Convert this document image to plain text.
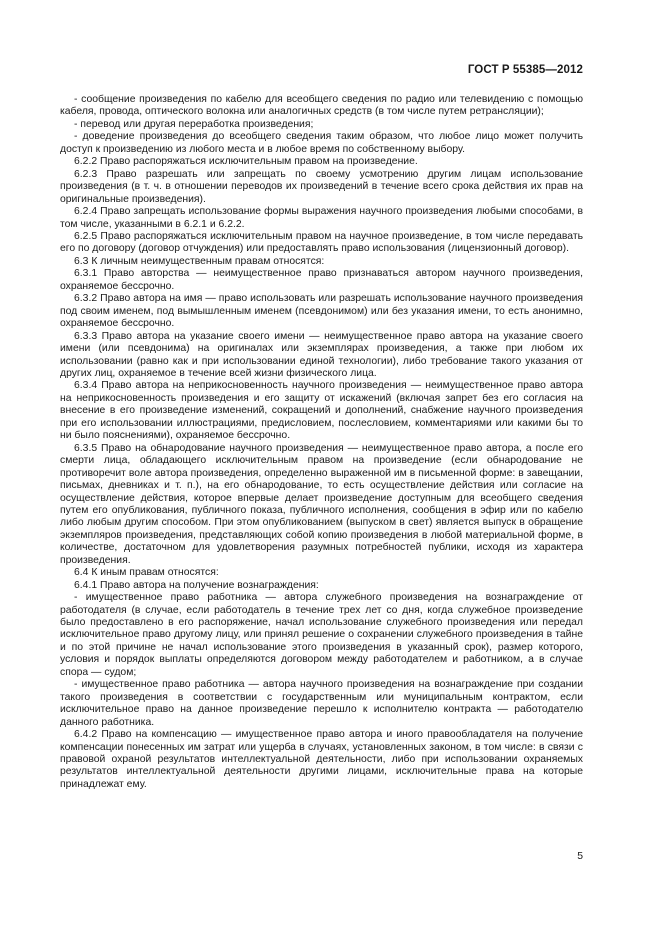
ГОСТ Р 55385—2012

- сообщение произведения по кабелю для всеобщего сведения по радио или телевидению с помощью кабеля, провода, оптического волокна или аналогичных средств (в том числе путем ретрансляции);

- перевод или другая переработка произведения;

- доведение произведения до всеобщего сведения таким образом, что любое лицо может получить доступ к произведению из любого места и в любое время по собственному выбору.

6.2.2 Право распоряжаться исключительным правом на произведение.

6.2.3 Право разрешать или запрещать по своему усмотрению другим лицам использование произведения (в т. ч. в отношении переводов их произведений в течение всего срока действия их прав на оригинальные произведения).

6.2.4 Право запрещать использование формы выражения научного произведения любыми способами, в том числе, указанными в 6.2.1 и 6.2.2.

6.2.5 Право распоряжаться исключительным правом на научное произведение, в том числе передавать его по договору (договор отчуждения) или предоставлять право использования (лицензионный договор).

6.3 К личным неимущественным правам относятся:

6.3.1 Право авторства — неимущественное право признаваться автором научного произведения, охраняемое бессрочно.

6.3.2 Право автора на имя — право использовать или разрешать использование научного произведения под своим именем, под вымышленным именем (псевдонимом) или без указания имени, то есть анонимно, охраняемое бессрочно.

6.3.3 Право автора на указание своего имени — неимущественное право автора на указание своего имени (или псевдонима) на оригиналах или экземплярах произведения, а также при любом их использовании (равно как и при использовании единой технологии), либо требование такого указания от других лиц, охраняемое в течение всей жизни физического лица.

6.3.4 Право автора на неприкосновенность научного произведения — неимущественное право автора на неприкосновенность произведения и его защиту от искажений (включая запрет без его согласия на внесение в его произведение изменений, сокращений и дополнений, снабжение научного произведения при его использовании иллюстрациями, предисловием, послесловием, комментариями или какими бы то ни было пояснениями), охраняемое бессрочно.

6.3.5 Право на обнародование научного произведения — неимущественное право автора, а после его смерти лица, обладающего исключительным правом на произведение (если обнародование не противоречит воле автора произведения, определенно выраженной им в письменной форме: в завещании, письмах, дневниках и т. п.), на его обнародование, то есть осуществление действия или согласие на осуществление действия, которое впервые делает произведение доступным для всеобщего сведения путем его опубликования, публичного показа, публичного исполнения, сообщения в эфир или по кабелю либо любым другим способом. При этом опубликованием (выпуском в свет) является выпуск в обращение экземпляров произведения, представляющих собой копию произведения в любой материальной форме, в количестве, достаточном для удовлетворения разумных потребностей публики, исходя из характера произведения.

6.4 К иным правам относятся:

6.4.1 Право автора на получение вознаграждения:

- имущественное право работника — автора служебного произведения на вознаграждение от работодателя (в случае, если работодатель в течение трех лет со дня, когда служебное произведение было предоставлено в его распоряжение, начал использование служебного произведения или передал исключительное право другому лицу, или принял решение о сохранении служебного произведения в тайне и по этой причине не начал использование этого произведения в указанный срок), размер которого, условия и порядок выплаты определяются договором между работодателем и работником, а в случае спора — судом;

- имущественное право работника — автора научного произведения на вознаграждение при создании такого произведения в соответствии с государственным или муниципальным контрактом, если исключительное право на данное произведение перешло к исполнителю контракта — работодателю данного работника.

6.4.2 Право на компенсацию — имущественное право автора и иного правообладателя на получение компенсации понесенных им затрат или ущерба в случаях, установленных законом, в том числе: в связи с правовой охраной результатов интеллектуальной деятельности, либо при использовании охраняемых результатов интеллектуальной деятельности другими лицами, исключительные права на которые принадлежат ему.

5
